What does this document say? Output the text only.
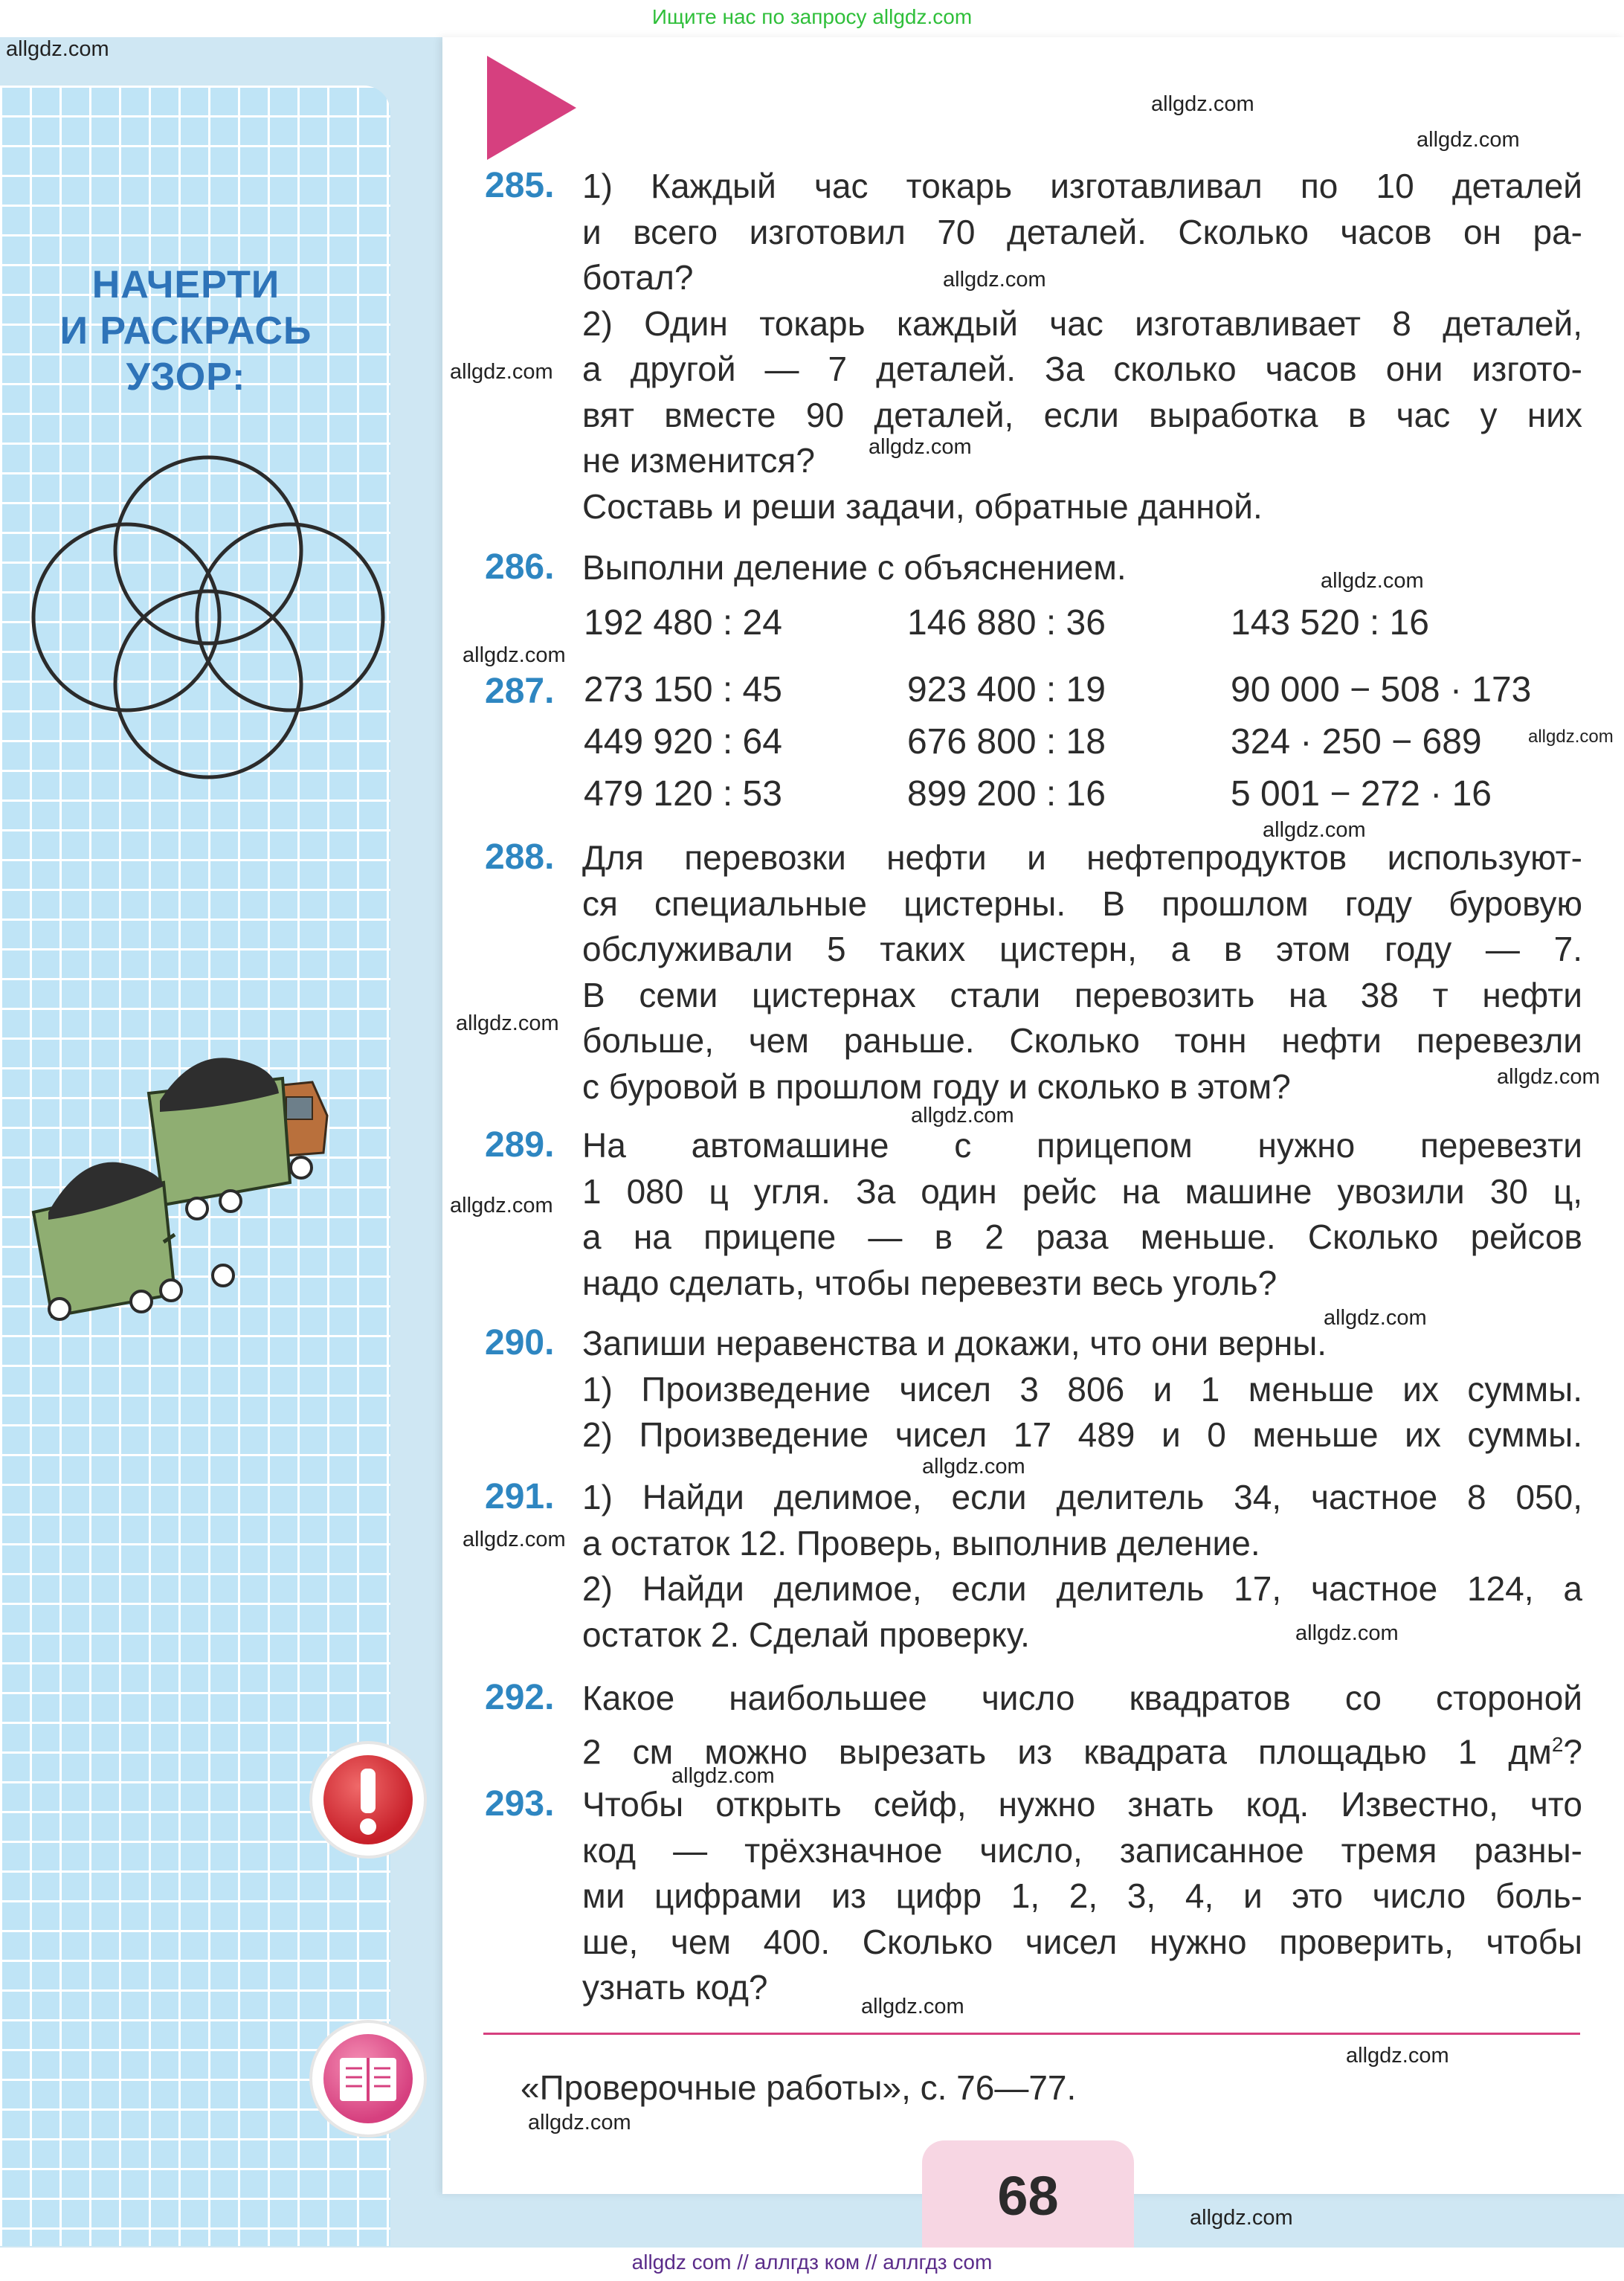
Ищите нас по запросу allgdz.com
НАЧЕРТИ
И РАСКРАСЬ
УЗОР:
285. 1) Каждый час токарь изготавливал по 10 деталей

и всего изготовил 70 деталей. Сколько часов он ра-

ботал?

2) Один токарь каждый час изготавливает 8 деталей,

а другой — 7 деталей. За сколько часов они изгото-

вят вместе 90 деталей, если выработка в час у них

не изменится?

Составь и реши задачи, обратные данной.

286. Выполни деление с объяснением.

192 480 : 24	146 880 : 36	143 520 : 16
287. 273 150 : 45
449 920 : 64
479 120 : 53
923 400 : 19
676 800 : 18
899 200 : 16
90 000 − 508 · 173
324 · 250 − 689
5 001 − 272 · 16
288. Для перевозки нефти и нефтепродуктов используют-

ся специальные цистерны. В прошлом году буровую

обслуживали 5 таких цистерн, а в этом году — 7.

В семи цистернах стали перевозить на 38 т нефти

больше, чем раньше. Сколько тонн нефти перевезли

с буровой в прошлом году и сколько в этом?

289. На автомашине с прицепом нужно перевезти

1 080 ц угля. За один рейс на машине увозили 30 ц,

а на прицепе — в 2 раза меньше. Сколько рейсов

надо сделать, чтобы перевезти весь уголь?

290. Запиши неравенства и докажи, что они верны.

1) Произведение чисел 3 806 и 1 меньше их суммы.

2) Произведение чисел 17 489 и 0 меньше их суммы.

291. 1) Найди делимое, если делитель 34, частное 8 050,

а остаток 12. Проверь, выполнив деление.

2) Найди делимое, если делитель 17, частное 124, а

остаток 2. Сделай проверку.

292. Какое наибольшее число квадратов со стороной

2 см можно вырезать из квадрата площадью 1 $дм^2$?

293. Чтобы открыть сейф, нужно знать код. Известно, что

код — трёхзначное число, записанное тремя разны-

ми цифрами из цифр 1, 2, 3, 4, и это число боль-

ше, чем 400. Сколько чисел нужно проверить, чтобы

узнать код?

«Проверочные работы», с. 76—77.
68
allgdz.com
allgdz.com
allgdz.com
allgdz.com
allgdz.com
allgdz.com
allgdz.com
allgdz.com
allgdz.com
allgdz.com
allgdz.com
allgdz.com
allgdz.com
allgdz.com
allgdz.com
allgdz.com
allgdz.com
allgdz.com
allgdz.com
allgdz.com
allgdz.com
allgdz.com
allgdz.com
allgdz com // аллгдз ком // аллгдз com
